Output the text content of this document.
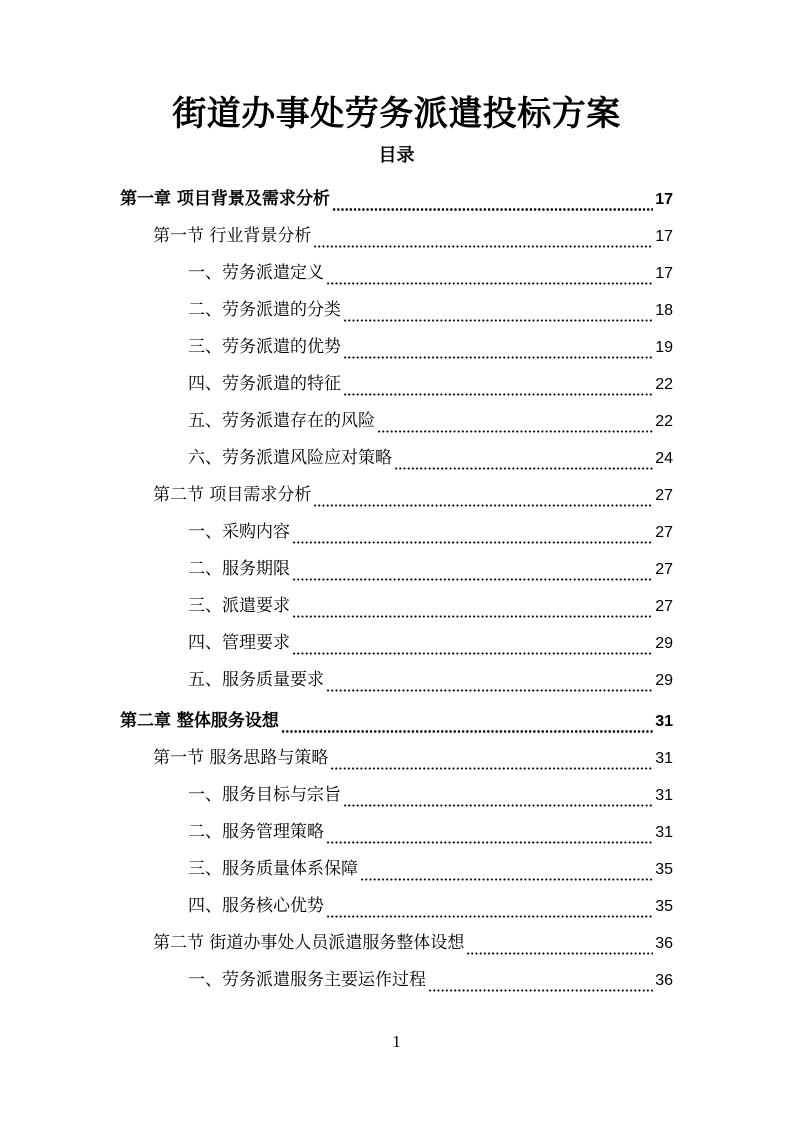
街道办事处劳务派遣投标方案
目录
第一章 项目背景及需求分析	17
第一节 行业背景分析	17
一、劳务派遣定义	17
二、劳务派遣的分类	18
三、劳务派遣的优势	19
四、劳务派遣的特征	22
五、劳务派遣存在的风险	22
六、劳务派遣风险应对策略	24
第二节 项目需求分析	27
一、采购内容	27
二、服务期限	27
三、派遣要求	27
四、管理要求	29
五、服务质量要求	29
第二章 整体服务设想	31
第一节 服务思路与策略	31
一、服务目标与宗旨	31
二、服务管理策略	31
三、服务质量体系保障	35
四、服务核心优势	35
第二节 街道办事处人员派遣服务整体设想	36
一、劳务派遣服务主要运作过程	36
1
